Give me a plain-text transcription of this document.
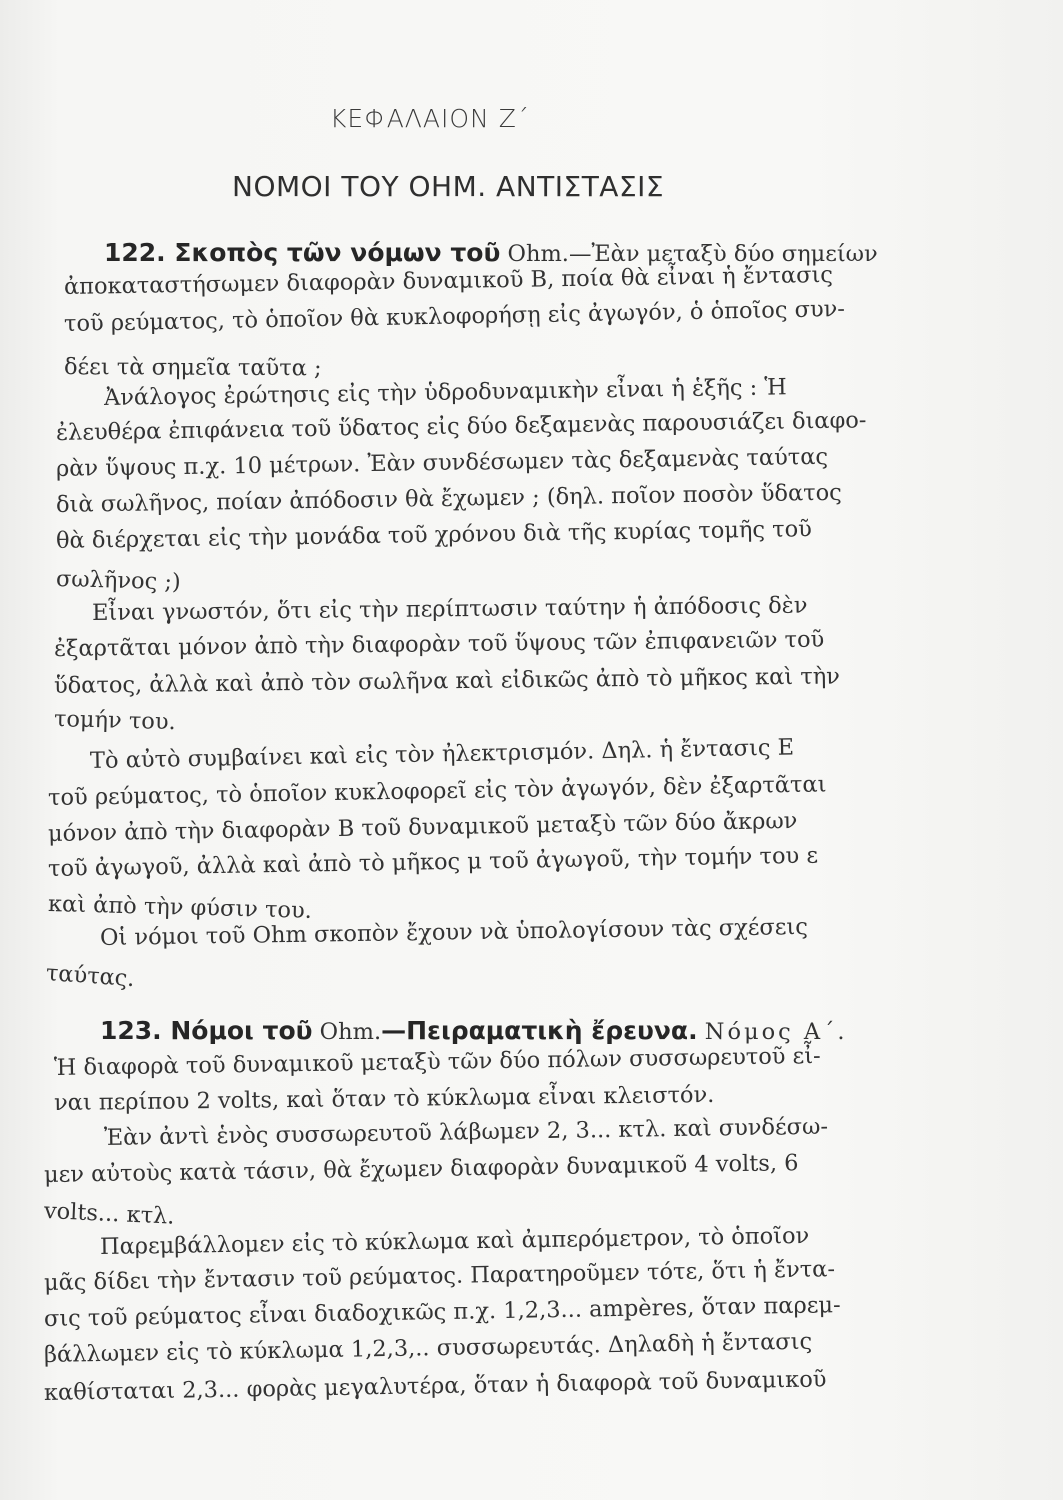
ΚΕΦΑΛΑΙΟΝ Ζ΄
ΝΟΜΟΙ ΤΟΥ ΟΗΜ. ΑΝΤΙΣΤΑΣΙΣ
122. Σκοπὸς τῶν νόμων τοῦ Ohm.—Ἐὰν μεταξὺ δύο σημείων
ἀποκαταστήσωμεν διαφορὰν δυναμικοῦ Β, ποία θὰ εἶναι ἡ ἔντασις
τοῦ ρεύματος, τὸ ὁποῖον θὰ κυκλοφορήσῃ εἰς ἀγωγόν, ὁ ὁποῖος συν-
δέει τὰ σημεῖα ταῦτα ;
Ἀνάλογος ἐρώτησις εἰς τὴν ὑδροδυναμικὴν εἶναι ἡ ἑξῆς : Ἡ
ἐλευθέρα ἐπιφάνεια τοῦ ὕδατος εἰς δύο δεξαμενὰς παρουσιάζει διαφο-
ρὰν ὕψους π.χ. 10 μέτρων. Ἐὰν συνδέσωμεν τὰς δεξαμενὰς ταύτας
διὰ σωλῆνος, ποίαν ἀπόδοσιν θὰ ἔχωμεν ; (δηλ. ποῖον ποσὸν ὕδατος
θὰ διέρχεται εἰς τὴν μονάδα τοῦ χρόνου διὰ τῆς κυρίας τομῆς τοῦ
σωλῆνος ;)
Εἶναι γνωστόν, ὅτι εἰς τὴν περίπτωσιν ταύτην ἡ ἀπόδοσις δὲν
ἐξαρτᾶται μόνον ἀπὸ τὴν διαφορὰν τοῦ ὕψους τῶν ἐπιφανειῶν τοῦ
ὕδατος, ἀλλὰ καὶ ἀπὸ τὸν σωλῆνα καὶ εἰδικῶς ἀπὸ τὸ μῆκος καὶ τὴν
τομήν του.
Τὸ αὐτὸ συμβαίνει καὶ εἰς τὸν ἠλεκτρισμόν. Δηλ. ἡ ἔντασις Ε
τοῦ ρεύματος, τὸ ὁποῖον κυκλοφορεῖ εἰς τὸν ἀγωγόν, δὲν ἐξαρτᾶται
μόνον ἀπὸ τὴν διαφορὰν Β τοῦ δυναμικοῦ μεταξὺ τῶν δύο ἄκρων
τοῦ ἀγωγοῦ, ἀλλὰ καὶ ἀπὸ τὸ μῆκος μ τοῦ ἀγωγοῦ, τὴν τομήν του ε
καὶ ἀπὸ τὴν φύσιν του.
Οἱ νόμοι τοῦ Ohm σκοπὸν ἔχουν νὰ ὑπολογίσουν τὰς σχέσεις
ταύτας.
123. Νόμοι τοῦ Ohm.—Πειραματικὴ ἔρευνα. Νόμος Α΄.
Ἡ διαφορὰ τοῦ δυναμικοῦ μεταξὺ τῶν δύο πόλων συσσωρευτοῦ εἶ-
ναι περίπου 2 volts, καὶ ὅταν τὸ κύκλωμα εἶναι κλειστόν.
Ἐὰν ἀντὶ ἑνὸς συσσωρευτοῦ λάβωμεν 2, 3... κτλ. καὶ συνδέσω-
μεν αὐτοὺς κατὰ τάσιν, θὰ ἔχωμεν διαφορὰν δυναμικοῦ 4 volts, 6
volts... κτλ.
Παρεμβάλλομεν εἰς τὸ κύκλωμα καὶ ἀμπερόμετρον, τὸ ὁποῖον
μᾶς δίδει τὴν ἔντασιν τοῦ ρεύματος. Παρατηροῦμεν τότε, ὅτι ἡ ἔντα-
σις τοῦ ρεύματος εἶναι διαδοχικῶς π.χ. 1,2,3... ampères, ὅταν παρεμ-
βάλλωμεν εἰς τὸ κύκλωμα 1,2,3,.. συσσωρευτάς. Δηλαδὴ ἡ ἔντασις
καθίσταται 2,3... φορὰς μεγαλυτέρα, ὅταν ἡ διαφορὰ τοῦ δυναμικοῦ
